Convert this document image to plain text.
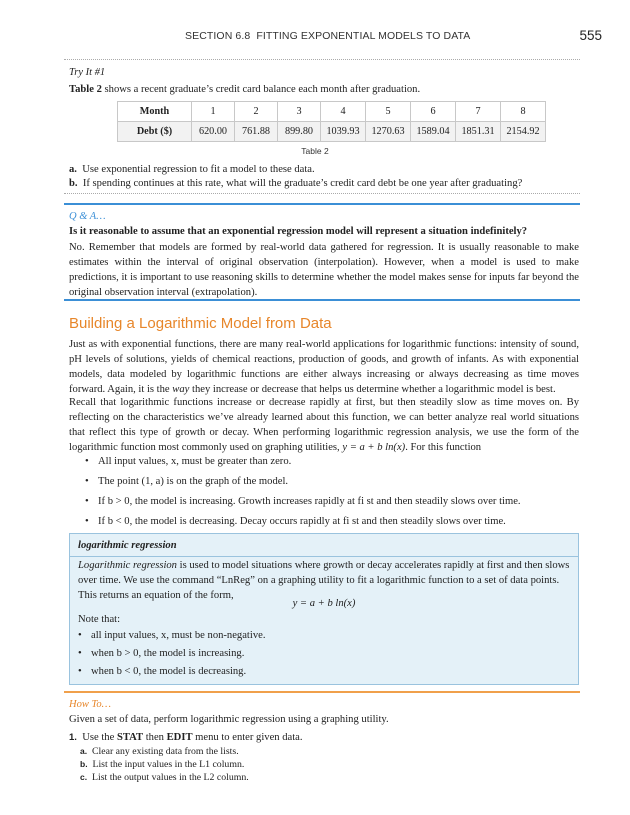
SECTION 6.8 FITTING EXPONENTIAL MODELS TO DATA	555
Try It #1
Table 2 shows a recent graduate’s credit card balance each month after graduation.
Month	1	2	3	4	5	6	7	8
Debt ($)	620.00	761.88	899.80	1039.93	1270.63	1589.04	1851.31	2154.92
Table 2
a. Use exponential regression to fit a model to these data.
b. If spending continues at this rate, what will the graduate’s credit card debt be one year after graduating?
Q & A…
Is it reasonable to assume that an exponential regression model will represent a situation indefinitely?
No. Remember that models are formed by real-world data gathered for regression. It is usually reasonable to make estimates within the interval of original observation (interpolation). However, when a model is used to make predictions, it is important to use reasoning skills to determine whether the model makes sense for inputs far beyond the original observation interval (extrapolation).
Building a Logarithmic Model from Data
Just as with exponential functions, there are many real-world applications for logarithmic functions: intensity of sound, pH levels of solutions, yields of chemical reactions, production of goods, and growth of infants. As with exponential models, data modeled by logarithmic functions are either always increasing or always decreasing as time moves forward. Again, it is the way they increase or decrease that helps us determine whether a logarithmic model is best.
Recall that logarithmic functions increase or decrease rapidly at first, but then steadily slow as time moves on. By reflecting on the characteristics we’ve already learned about this function, we can better analyze real world situations that reflect this type of growth or decay. When performing logarithmic regression analysis, we use the form of the logarithmic function most commonly used on graphing utilities, y = a + b ln(x). For this function
• All input values, x, must be greater than zero.
• The point (1, a) is on the graph of the model.
• If b > 0, the model is increasing. Growth increases rapidly at fi st and then steadily slows over time.
• If b < 0, the model is decreasing. Decay occurs rapidly at fi st and then steadily slows over time.
logarithmic regression
Logarithmic regression is used to model situations where growth or decay accelerates rapidly at first and then slows over time. We use the command “LnReg” on a graphing utility to fit a logarithmic function to a set of data points. This returns an equation of the form,
y = a + b ln(x)
Note that:
• all input values, x, must be non-negative.
• when b > 0, the model is increasing.
• when b < 0, the model is decreasing.
How To…
Given a set of data, perform logarithmic regression using a graphing utility.
1. Use the STAT then EDIT menu to enter given data.
a. Clear any existing data from the lists.
b. List the input values in the L1 column.
c. List the output values in the L2 column.
